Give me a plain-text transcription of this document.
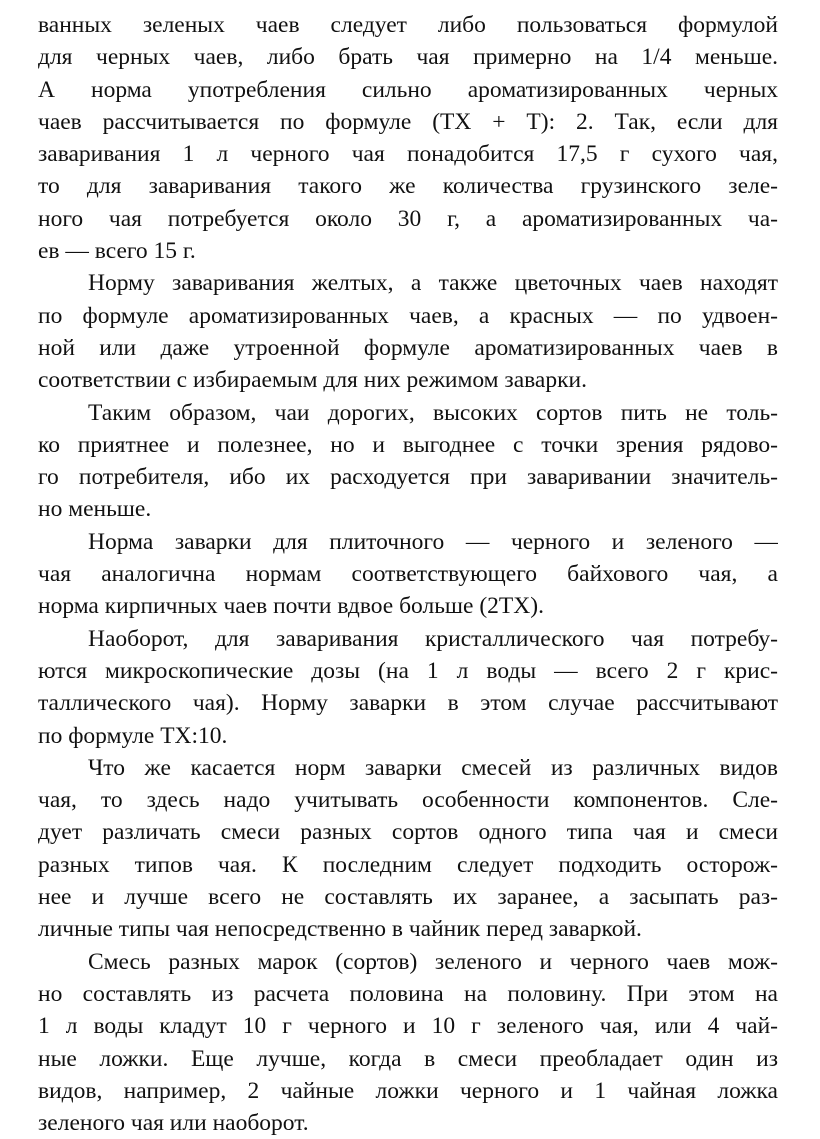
ванных зеленых чаев следует либо пользоваться формулой
для черных чаев, либо брать чая примерно на 1/4 меньше.
А норма употребления сильно ароматизированных черных
чаев рассчитывается по формуле (ТХ + Т): 2. Так, если для
заваривания 1 л черного чая понадобится 17,5 г сухого чая,
то для заваривания такого же количества грузинского зеле-
ного чая потребуется около 30 г, а ароматизированных ча-
ев — всего 15 г.
Норму заваривания желтых, а также цветочных чаев находят
по формуле ароматизированных чаев, а красных — по удвоен-
ной или даже утроенной формуле ароматизированных чаев в
соответствии с избираемым для них режимом заварки.
Таким образом, чаи дорогих, высоких сортов пить не толь-
ко приятнее и полезнее, но и выгоднее с точки зрения рядово-
го потребителя, ибо их расходуется при заваривании значитель-
но меньше.
Норма заварки для плиточного — черного и зеленого —
чая аналогична нормам соответствующего байхового чая, а
норма кирпичных чаев почти вдвое больше (2ТХ).
Наоборот, для заваривания кристаллического чая потребу-
ются микроскопические дозы (на 1 л воды — всего 2 г крис-
таллического чая). Норму заварки в этом случае рассчитывают
по формуле ТХ:10.
Что же касается норм заварки смесей из различных видов
чая, то здесь надо учитывать особенности компонентов. Сле-
дует различать смеси разных сортов одного типа чая и смеси
разных типов чая. К последним следует подходить осторож-
нее и лучше всего не составлять их заранее, а засыпать раз-
личные типы чая непосредственно в чайник перед заваркой.
Смесь разных марок (сортов) зеленого и черного чаев мож-
но составлять из расчета половина на половину. При этом на
1 л воды кладут 10 г черного и 10 г зеленого чая, или 4 чай-
ные ложки. Еще лучше, когда в смеси преобладает один из
видов, например, 2 чайные ложки черного и 1 чайная ложка
зеленого чая или наоборот.
